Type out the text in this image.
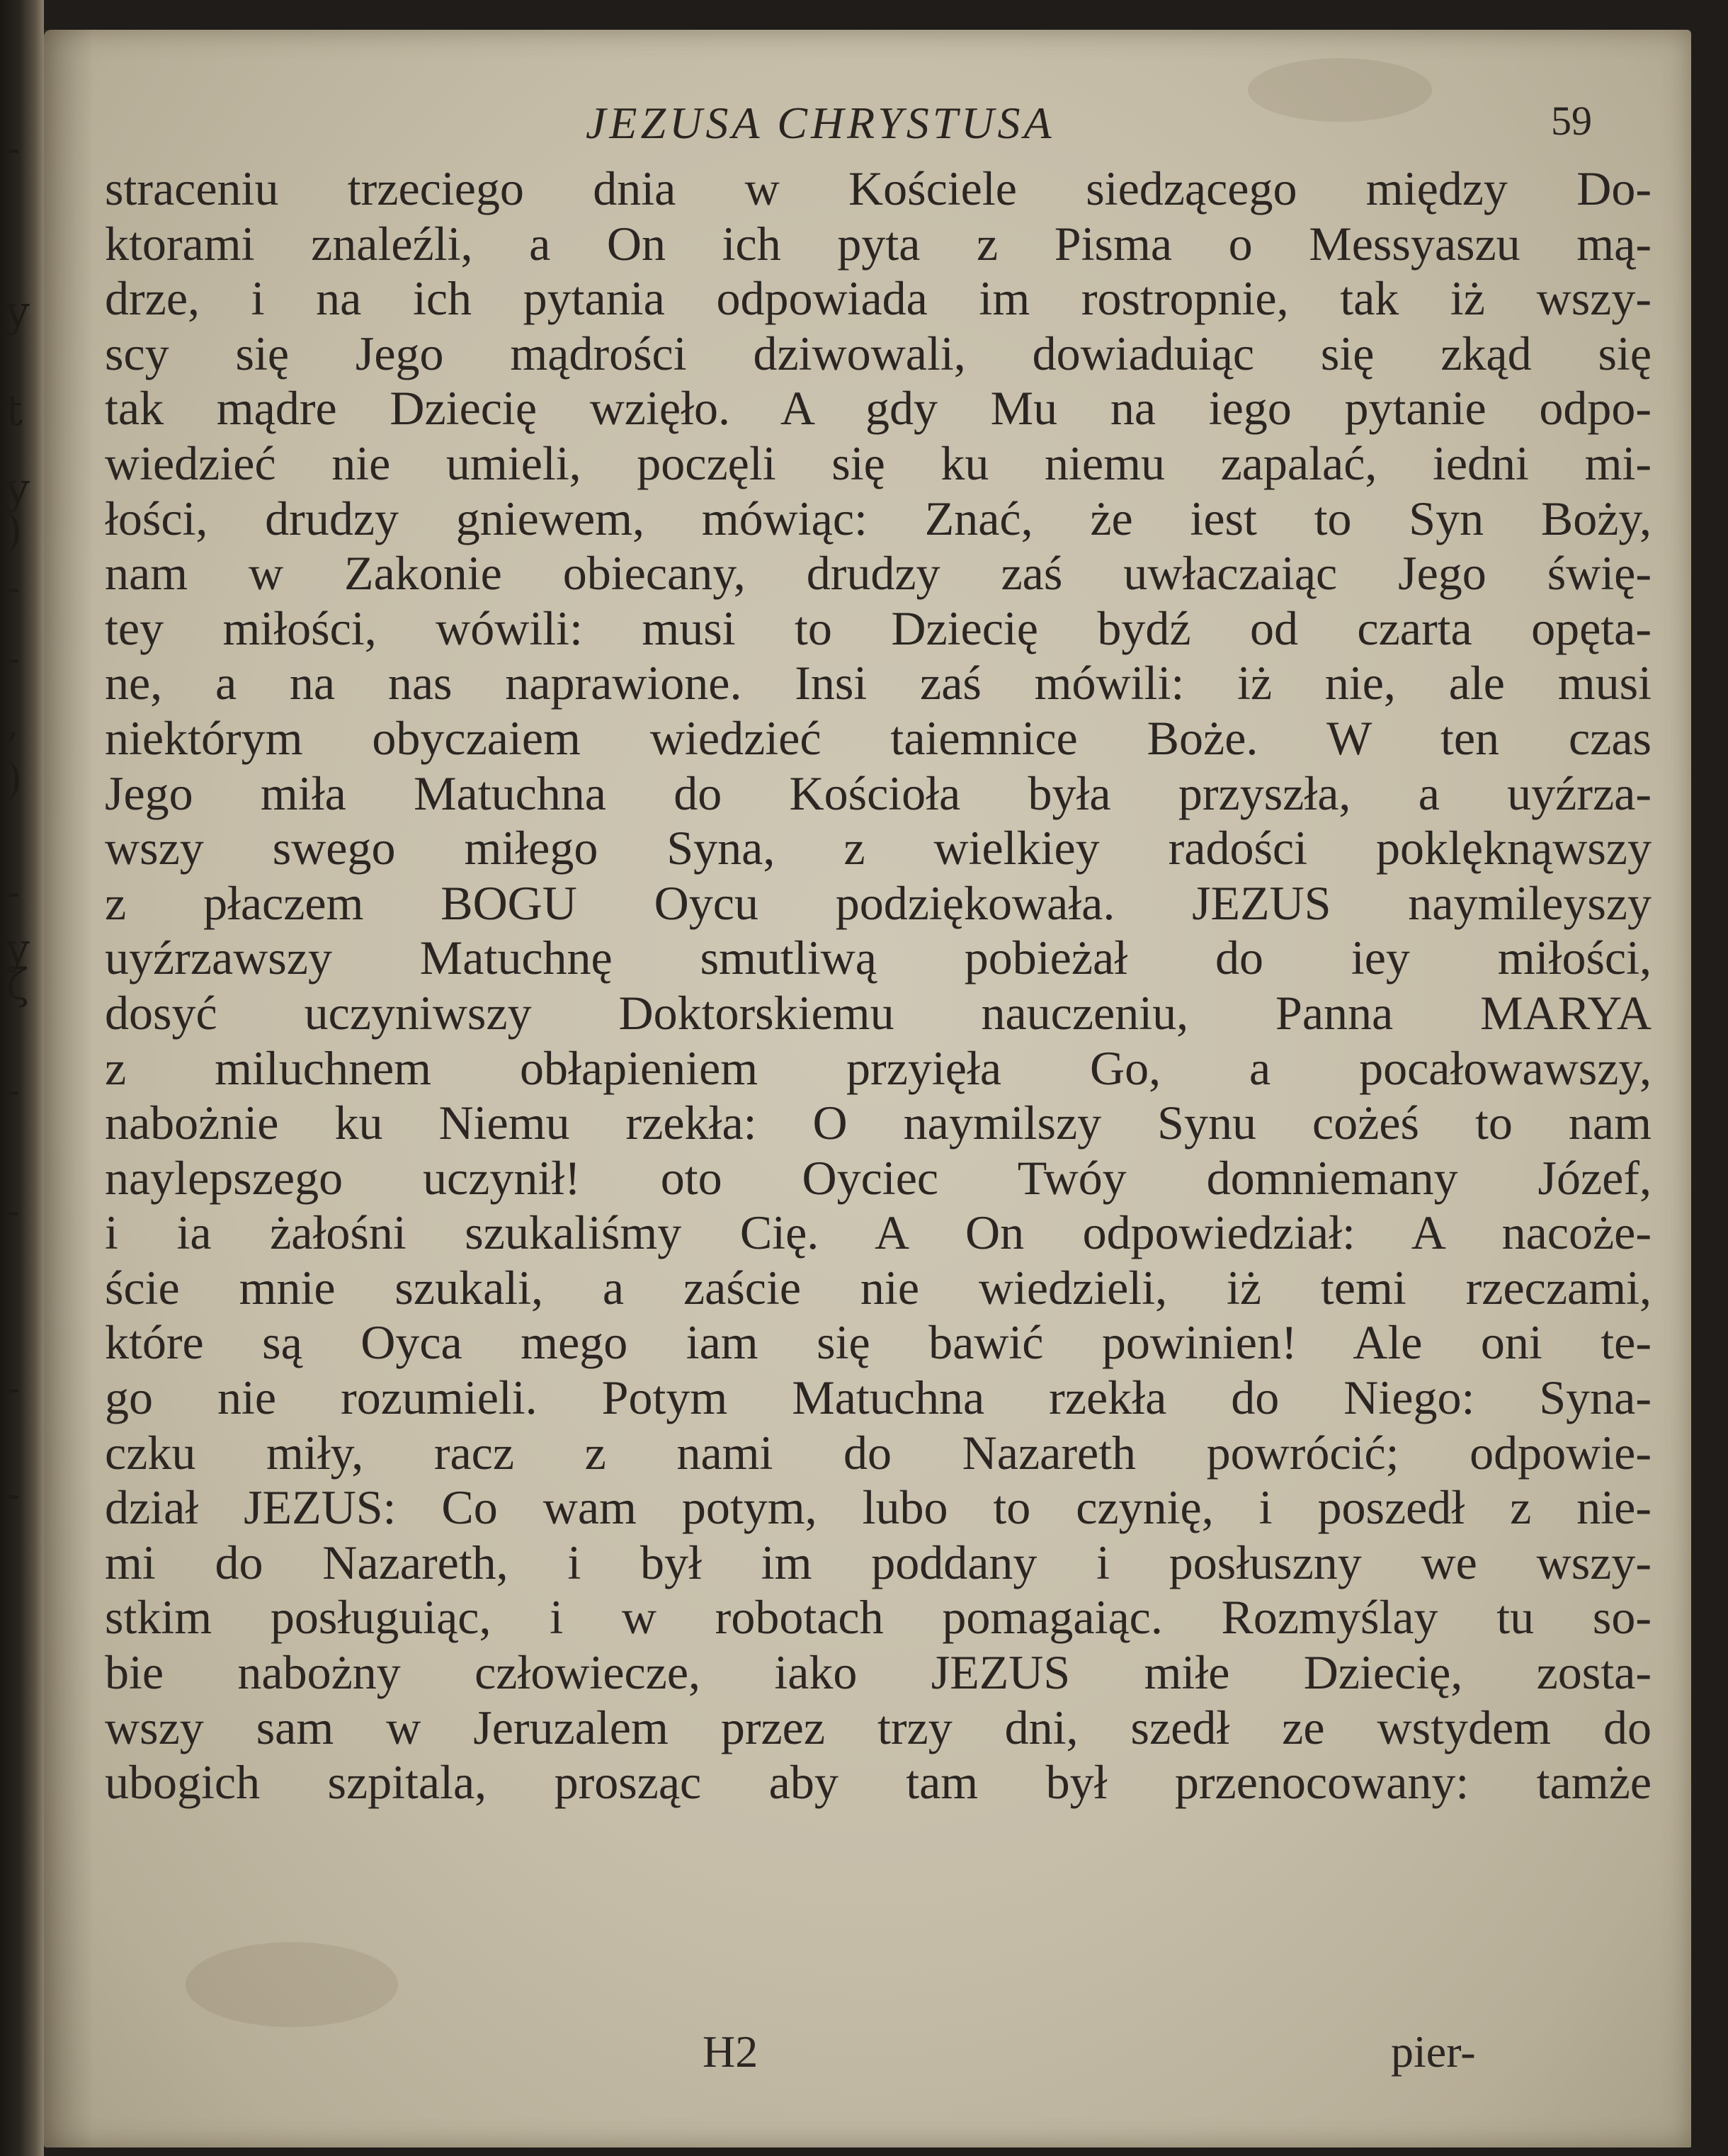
-
y
t
y
)
-
-
,
)
-
y
ζ
-
-
-
-
JEZUSA CHRYSTUSA	59
straceniu trzeciego dnia w Kościele siedzącego między Do-
ktorami znaleźli, a On ich pyta z Pisma o Messyaszu mą-
drze, i na ich pytania odpowiada im rostropnie, tak iż wszy-
scy się Jego mądrości dziwowali, dowiaduiąc się zkąd się
tak mądre Dziecię wzięło. A gdy Mu na iego pytanie odpo-
wiedzieć nie umieli, poczęli się ku niemu zapalać, iedni mi-
łości, drudzy gniewem, mówiąc: Znać, że iest to Syn Boży,
nam w Zakonie obiecany, drudzy zaś uwłaczaiąc Jego świę-
tey miłości, wówili: musi to Dziecię bydź od czarta opęta-
ne, a na nas naprawione. Insi zaś mówili: iż nie, ale musi
niektórym obyczaiem wiedzieć taiemnice Boże. W ten czas
Jego miła Matuchna do Kościoła była przyszła, a uyźrza-
wszy swego miłego Syna, z wielkiey radości poklęknąwszy
z płaczem BOGU Oycu podziękowała. JEZUS naymileyszy
uyźrzawszy Matuchnę smutliwą pobieżał do iey miłości,
dosyć uczyniwszy Doktorskiemu nauczeniu, Panna MARYA
z miluchnem obłapieniem przyięła Go, a pocałowawszy,
nabożnie ku Niemu rzekła: O naymilszy Synu cożeś to nam
naylepszego uczynił! oto Oyciec Twóy domniemany Józef,
i ia żałośni szukaliśmy Cię. A On odpowiedział: A nacoże-
ście mnie szukali, a zaście nie wiedzieli, iż temi rzeczami,
które są Oyca mego iam się bawić powinien! Ale oni te-
go nie rozumieli. Potym Matuchna rzekła do Niego: Syna-
czku miły, racz z nami do Nazareth powrócić; odpowie-
dział JEZUS: Co wam potym, lubo to czynię, i poszedł z nie-
mi do Nazareth, i był im poddany i posłuszny we wszy-
stkim posługuiąc, i w robotach pomagaiąc. Rozmyślay tu so-
bie nabożny człowiecze, iako JEZUS miłe Dziecię, zosta-
wszy sam w Jeruzalem przez trzy dni, szedł ze wstydem do
ubogich szpitala, prosząc aby tam był przenocowany: tamże
H2	pier-
